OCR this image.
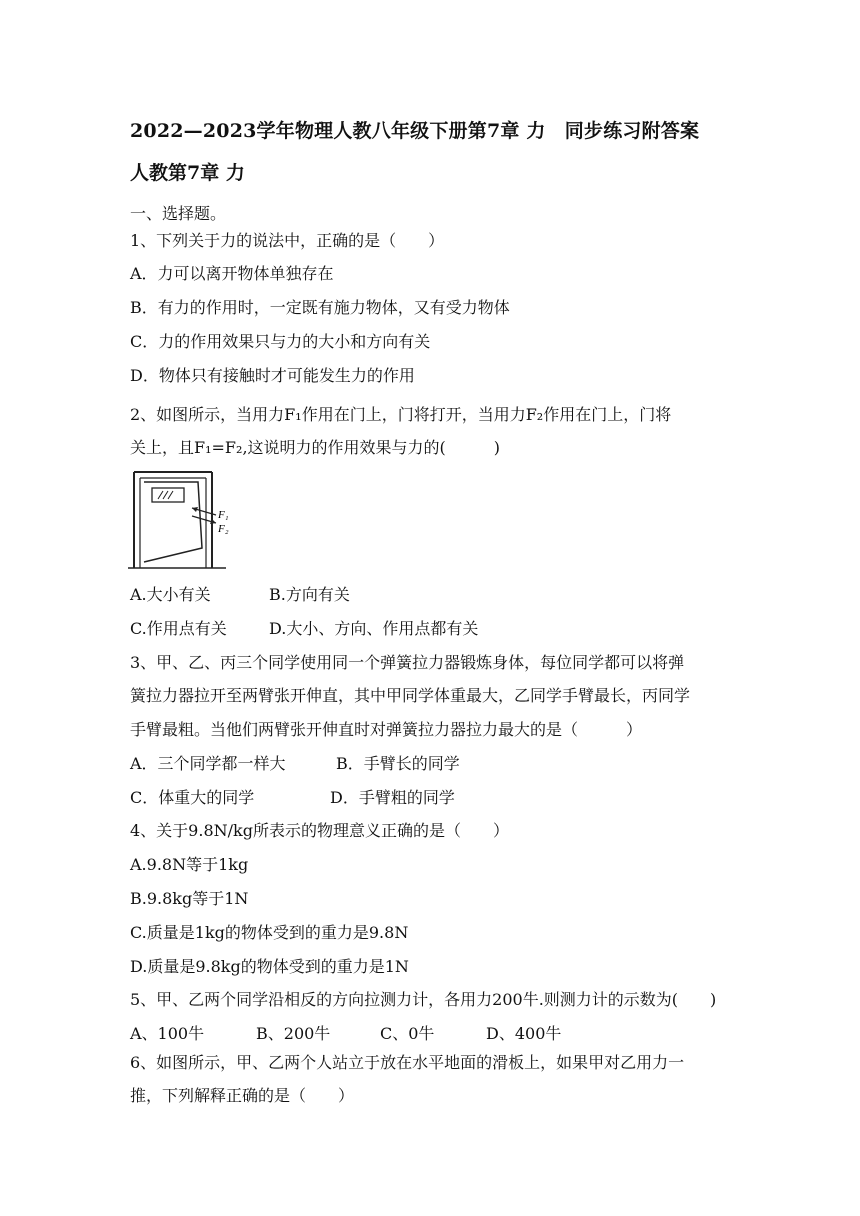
2022—2023学年物理人教八年级下册第7章 力　同步练习附答案
人教第7章 力
一、选择题。
1、下列关于力的说法中，正确的是（　　）
A．力可以离开物体单独存在
B．有力的作用时，一定既有施力物体，又有受力物体
C．力的作用效果只与力的大小和方向有关
D．物体只有接触时才可能发生力的作用
2、如图所示，当用力F₁作用在门上，门将打开，当用力F₂作用在门上，门将
关上，且F₁=F₂,这说明力的作用效果与力的(　　　)
F₁
F₂
A.大小有关	B.方向有关
C.作用点有关	D.大小、方向、作用点都有关
3、甲、乙、丙三个同学使用同一个弹簧拉力器锻炼身体，每位同学都可以将弹
簧拉力器拉开至两臂张开伸直，其中甲同学体重最大，乙同学手臂最长，丙同学
手臂最粗。当他们两臂张开伸直时对弹簧拉力器拉力最大的是（　　　）
A．三个同学都一样大	B．手臂长的同学
C．体重大的同学	D．手臂粗的同学
4、关于9.8N/kg所表示的物理意义正确的是（　　）
A.9.8N等于1kg
B.9.8kg等于1N
C.质量是1kg的物体受到的重力是9.8N
D.质量是9.8kg的物体受到的重力是1N
5、甲、乙两个同学沿相反的方向拉测力计，各用力200牛.则测力计的示数为(　　)
A、100牛	B、200牛	C、0牛	D、400牛
6、如图所示，甲、乙两个人站立于放在水平地面的滑板上，如果甲对乙用力一
推，下列解释正确的是（　　）
